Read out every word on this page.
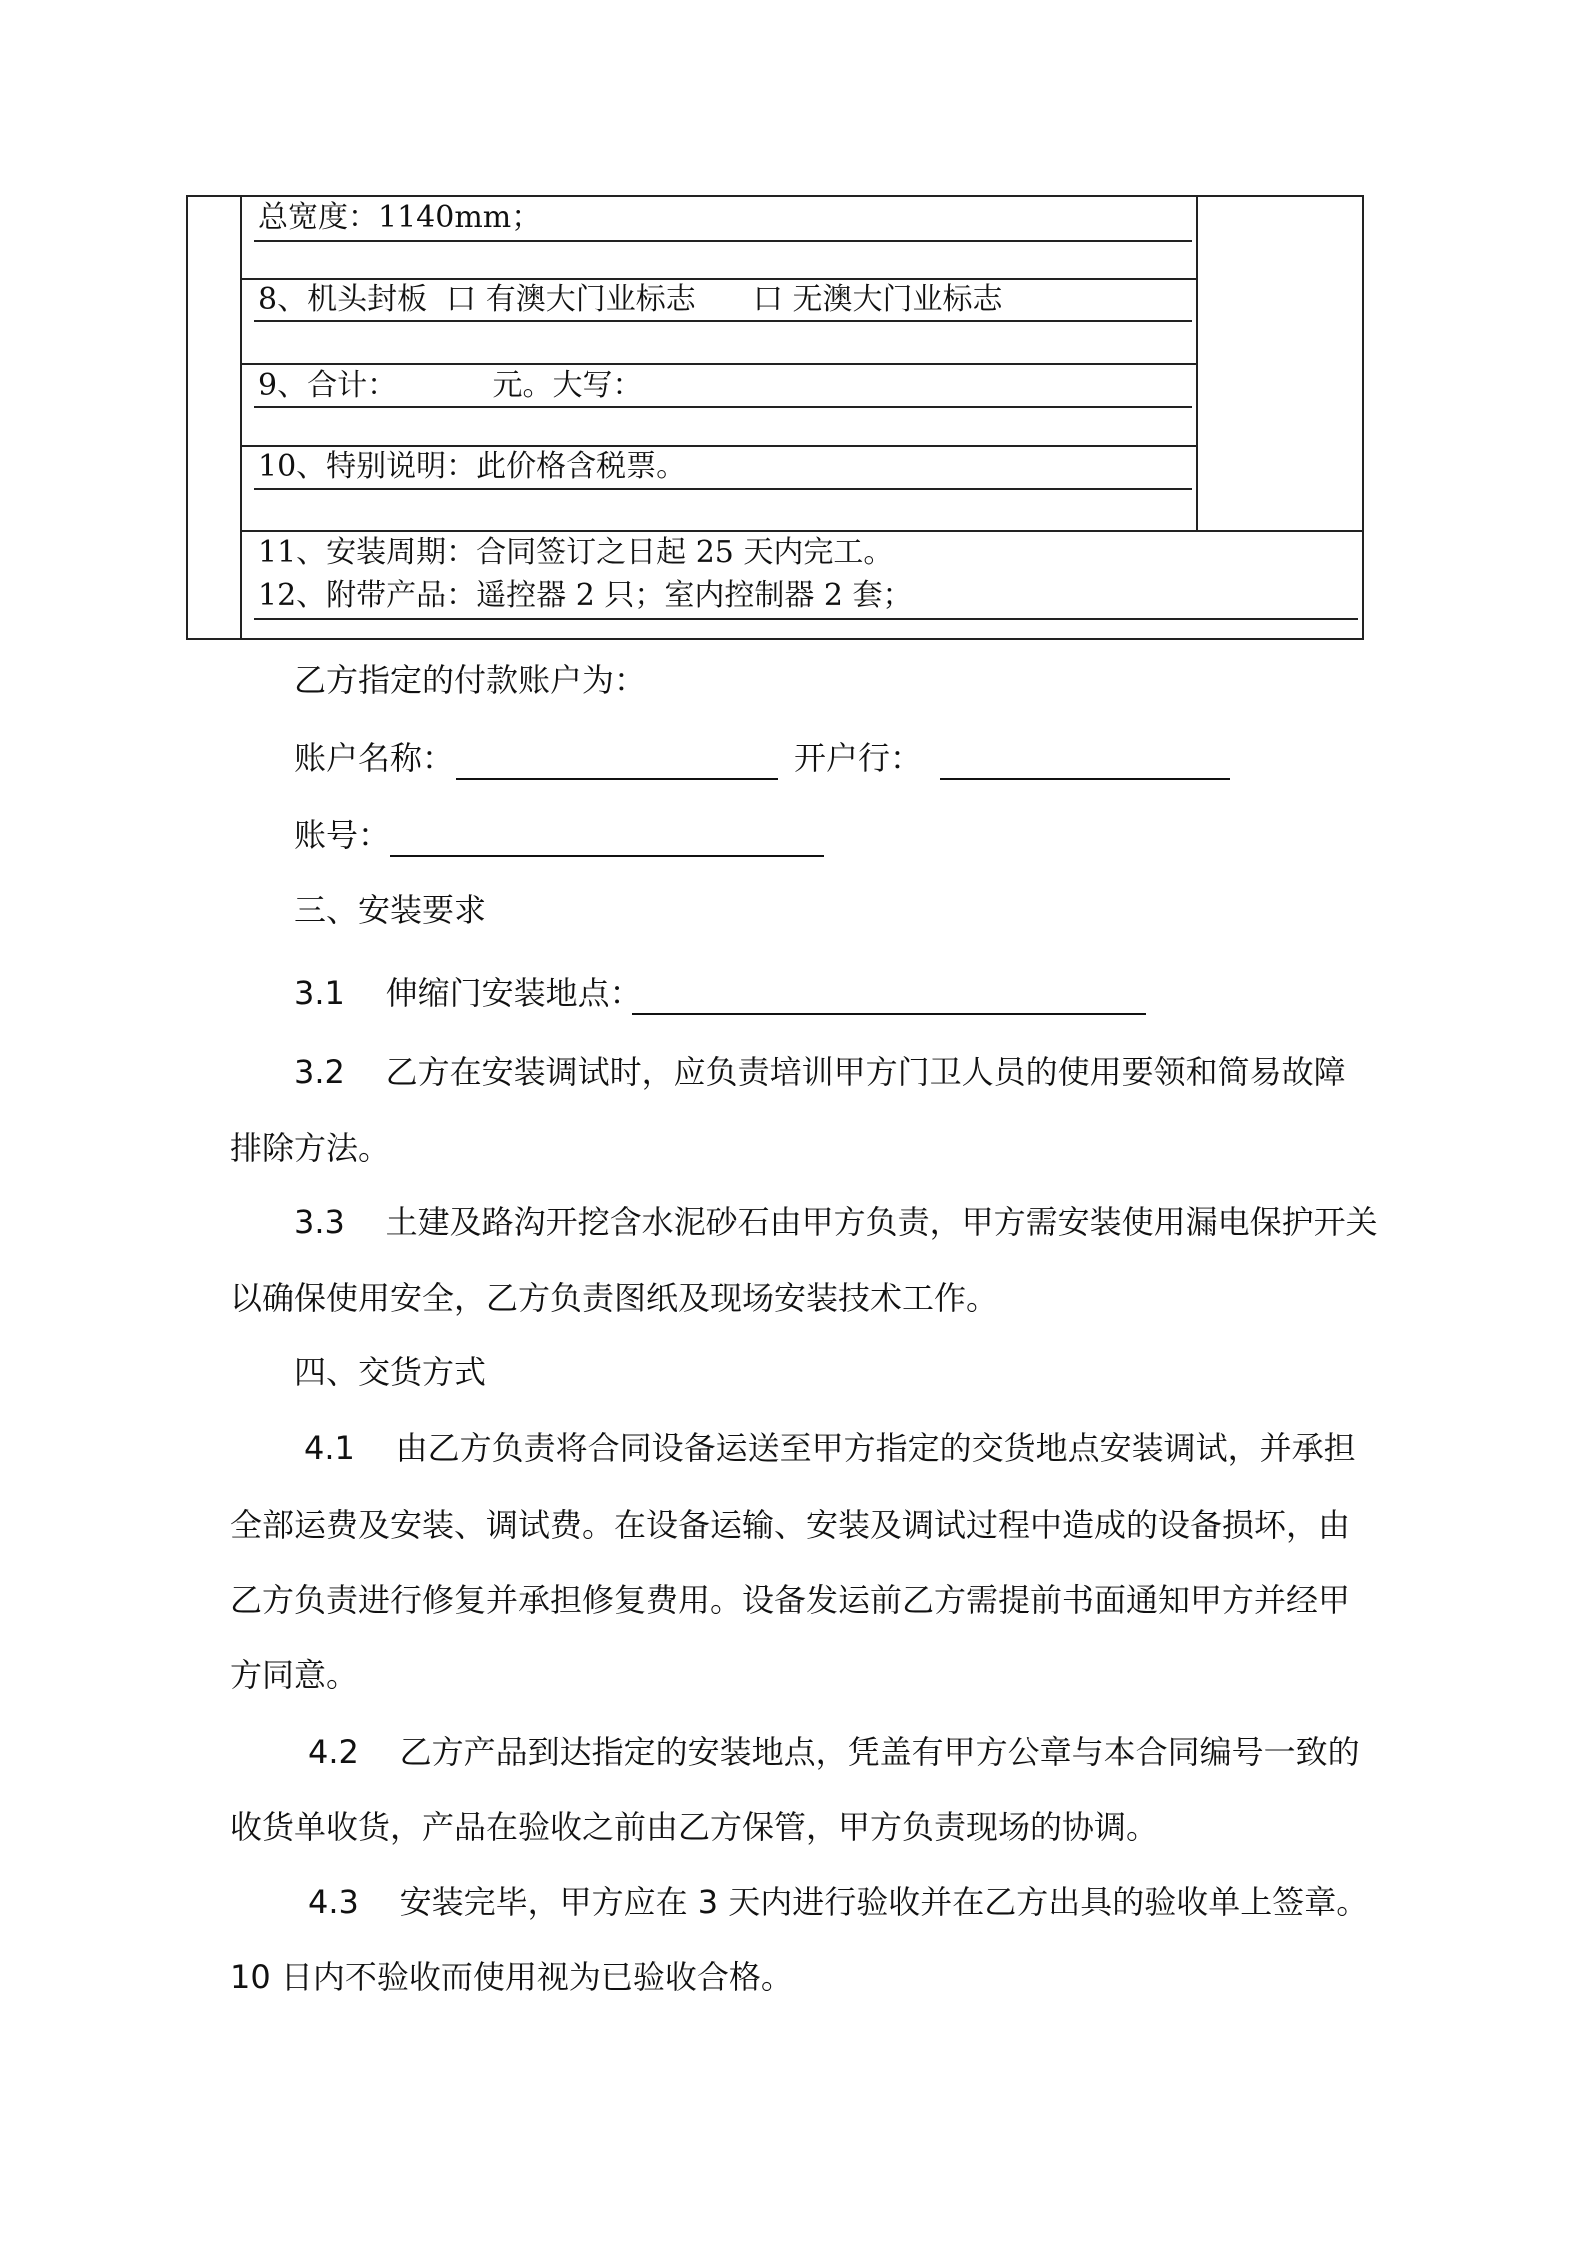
总宽度：1140mm；
8、机头封板  口 有澳大门业标志      口 无澳大门业标志
9、合计：          元。大写：
10、特别说明：此价格含税票。
11、安装周期：合同签订之日起 25 天内完工。
12、附带产品：遥控器 2 只；室内控制器 2 套；
乙方指定的付款账户为：
账户名称：	开户行：
账号：
三、安装要求
3.1    伸缩门安装地点：
3.2    乙方在安装调试时，应负责培训甲方门卫人员的使用要领和简易故障
排除方法。
3.3    土建及路沟开挖含水泥砂石由甲方负责，甲方需安装使用漏电保护开关
以确保使用安全，乙方负责图纸及现场安装技术工作。
四、交货方式
4.1    由乙方负责将合同设备运送至甲方指定的交货地点安装调试，并承担
全部运费及安装、调试费。在设备运输、安装及调试过程中造成的设备损坏，由
乙方负责进行修复并承担修复费用。设备发运前乙方需提前书面通知甲方并经甲
方同意。
4.2    乙方产品到达指定的安装地点，凭盖有甲方公章与本合同编号一致的
收货单收货，产品在验收之前由乙方保管，甲方负责现场的协调。
4.3    安装完毕，甲方应在 3 天内进行验收并在乙方出具的验收单上签章。
10 日内不验收而使用视为已验收合格。
